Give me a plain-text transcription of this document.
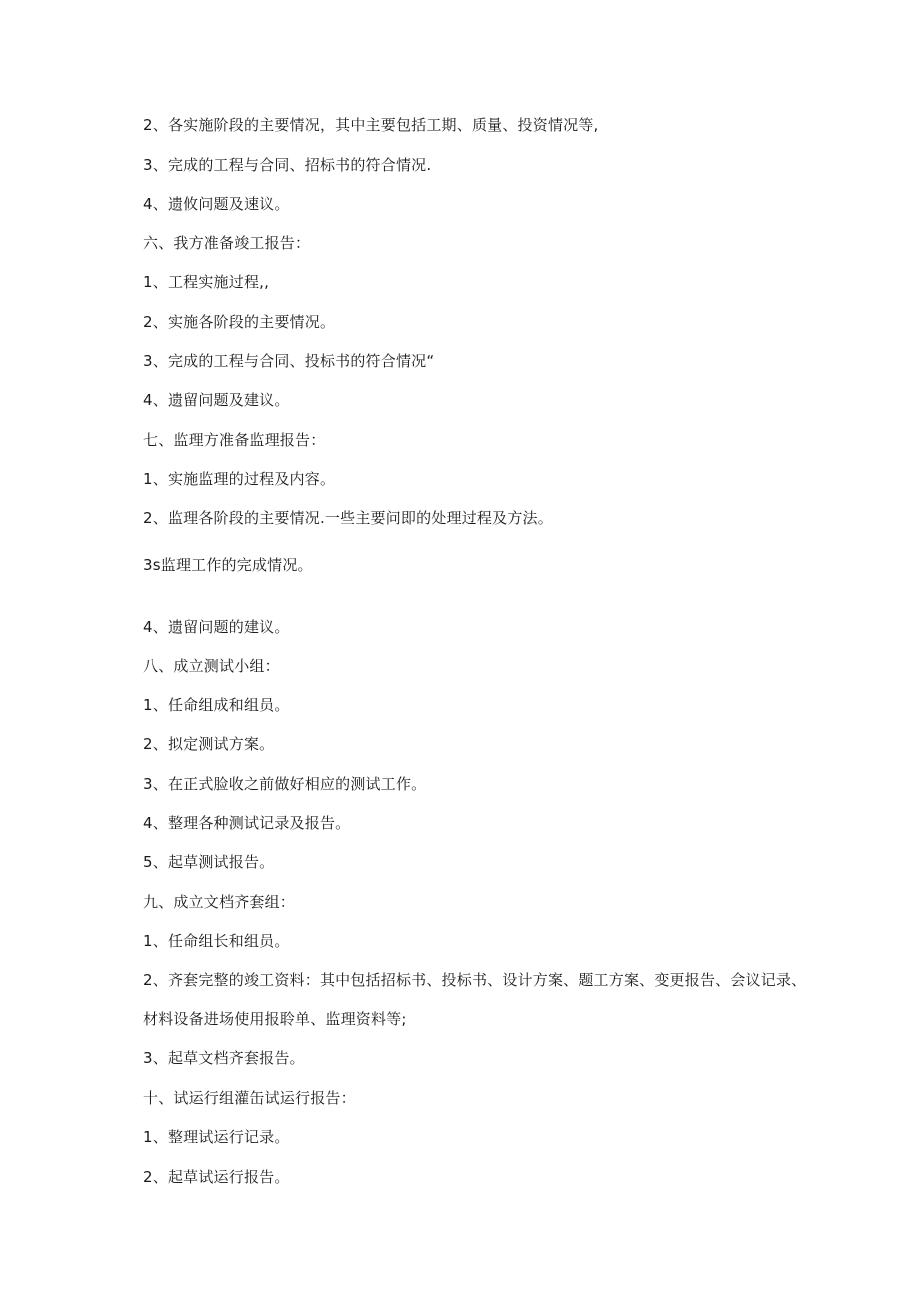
2、各实施阶段的主要情况，其中主要包括工期、质量、投资情况等,
3、完成的工程与合同、招标书的符合情况.
4、遗攸问题及速议。
六、我方准备竣工报告：
1、工程实施过程,,
2、实施各阶段的主要情况。
3、完成的工程与合同、投标书的符合情况“
4、遗留问题及建议。
七、监理方准备监理报告：
1、实施监理的过程及内容。
2、监理各阶段的主要情况.一些主要问即的处理过程及方法。
3s监理工作的完成情况。
4、遗留问题的建议。
八、成立测试小组：
1、任命组成和组员。
2、拟定测试方案。
3、在正式脸收之前做好相应的测试工作。
4、整理各种测试记录及报告。
5、起草测试报告。
九、成立文档齐套组：
1、任命组长和组员。
2、齐套完整的竣工资料：其中包括招标书、投标书、设计方案、题工方案、变更报告、会议记录、
材料设备进场使用报聆单、监理资料等;
3、起草文档齐套报告。
十、试运行组灌缶试运行报告：
1、整理试运行记录。
2、起草试运行报告。
